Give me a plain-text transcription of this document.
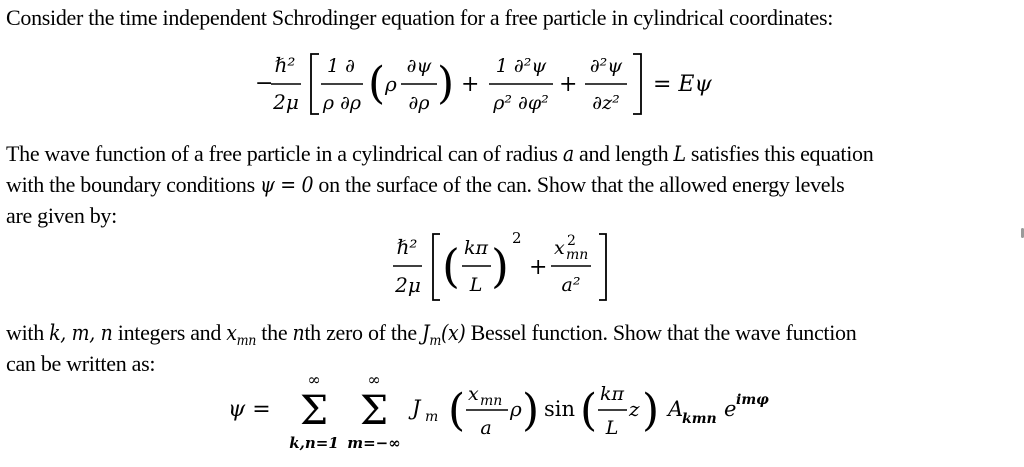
Consider the time independent Schrodinger equation for a free particle in cylindrical coordinates:

−
ℏ²
2μ
1 ∂
ρ ∂ρ ( ρ
∂ψ
∂ρ ) +
1 ∂²ψ
ρ² ∂φ²
+
∂²ψ
∂z²
= Eψ

The wave function of a free particle in a cylindrical can of radius a and length L satisfies this equation

with the boundary conditions ψ = 0 on the surface of the can. Show that the allowed energy levels

are given by:

ℏ²
2μ ( kπ
L )
2
+
x 2
mn
a²

with k, m, n integers and $x_{mn}$ the nth zero of the $J_m(x)$ Bessel function. Show that the wave function

can be written as:

ψ =
∞
Σ
k,n=1
∞
Σ
m=−∞
J m ( x mn
a
ρ ) sin ( kπ
L
z ) A
kmn e imφ
